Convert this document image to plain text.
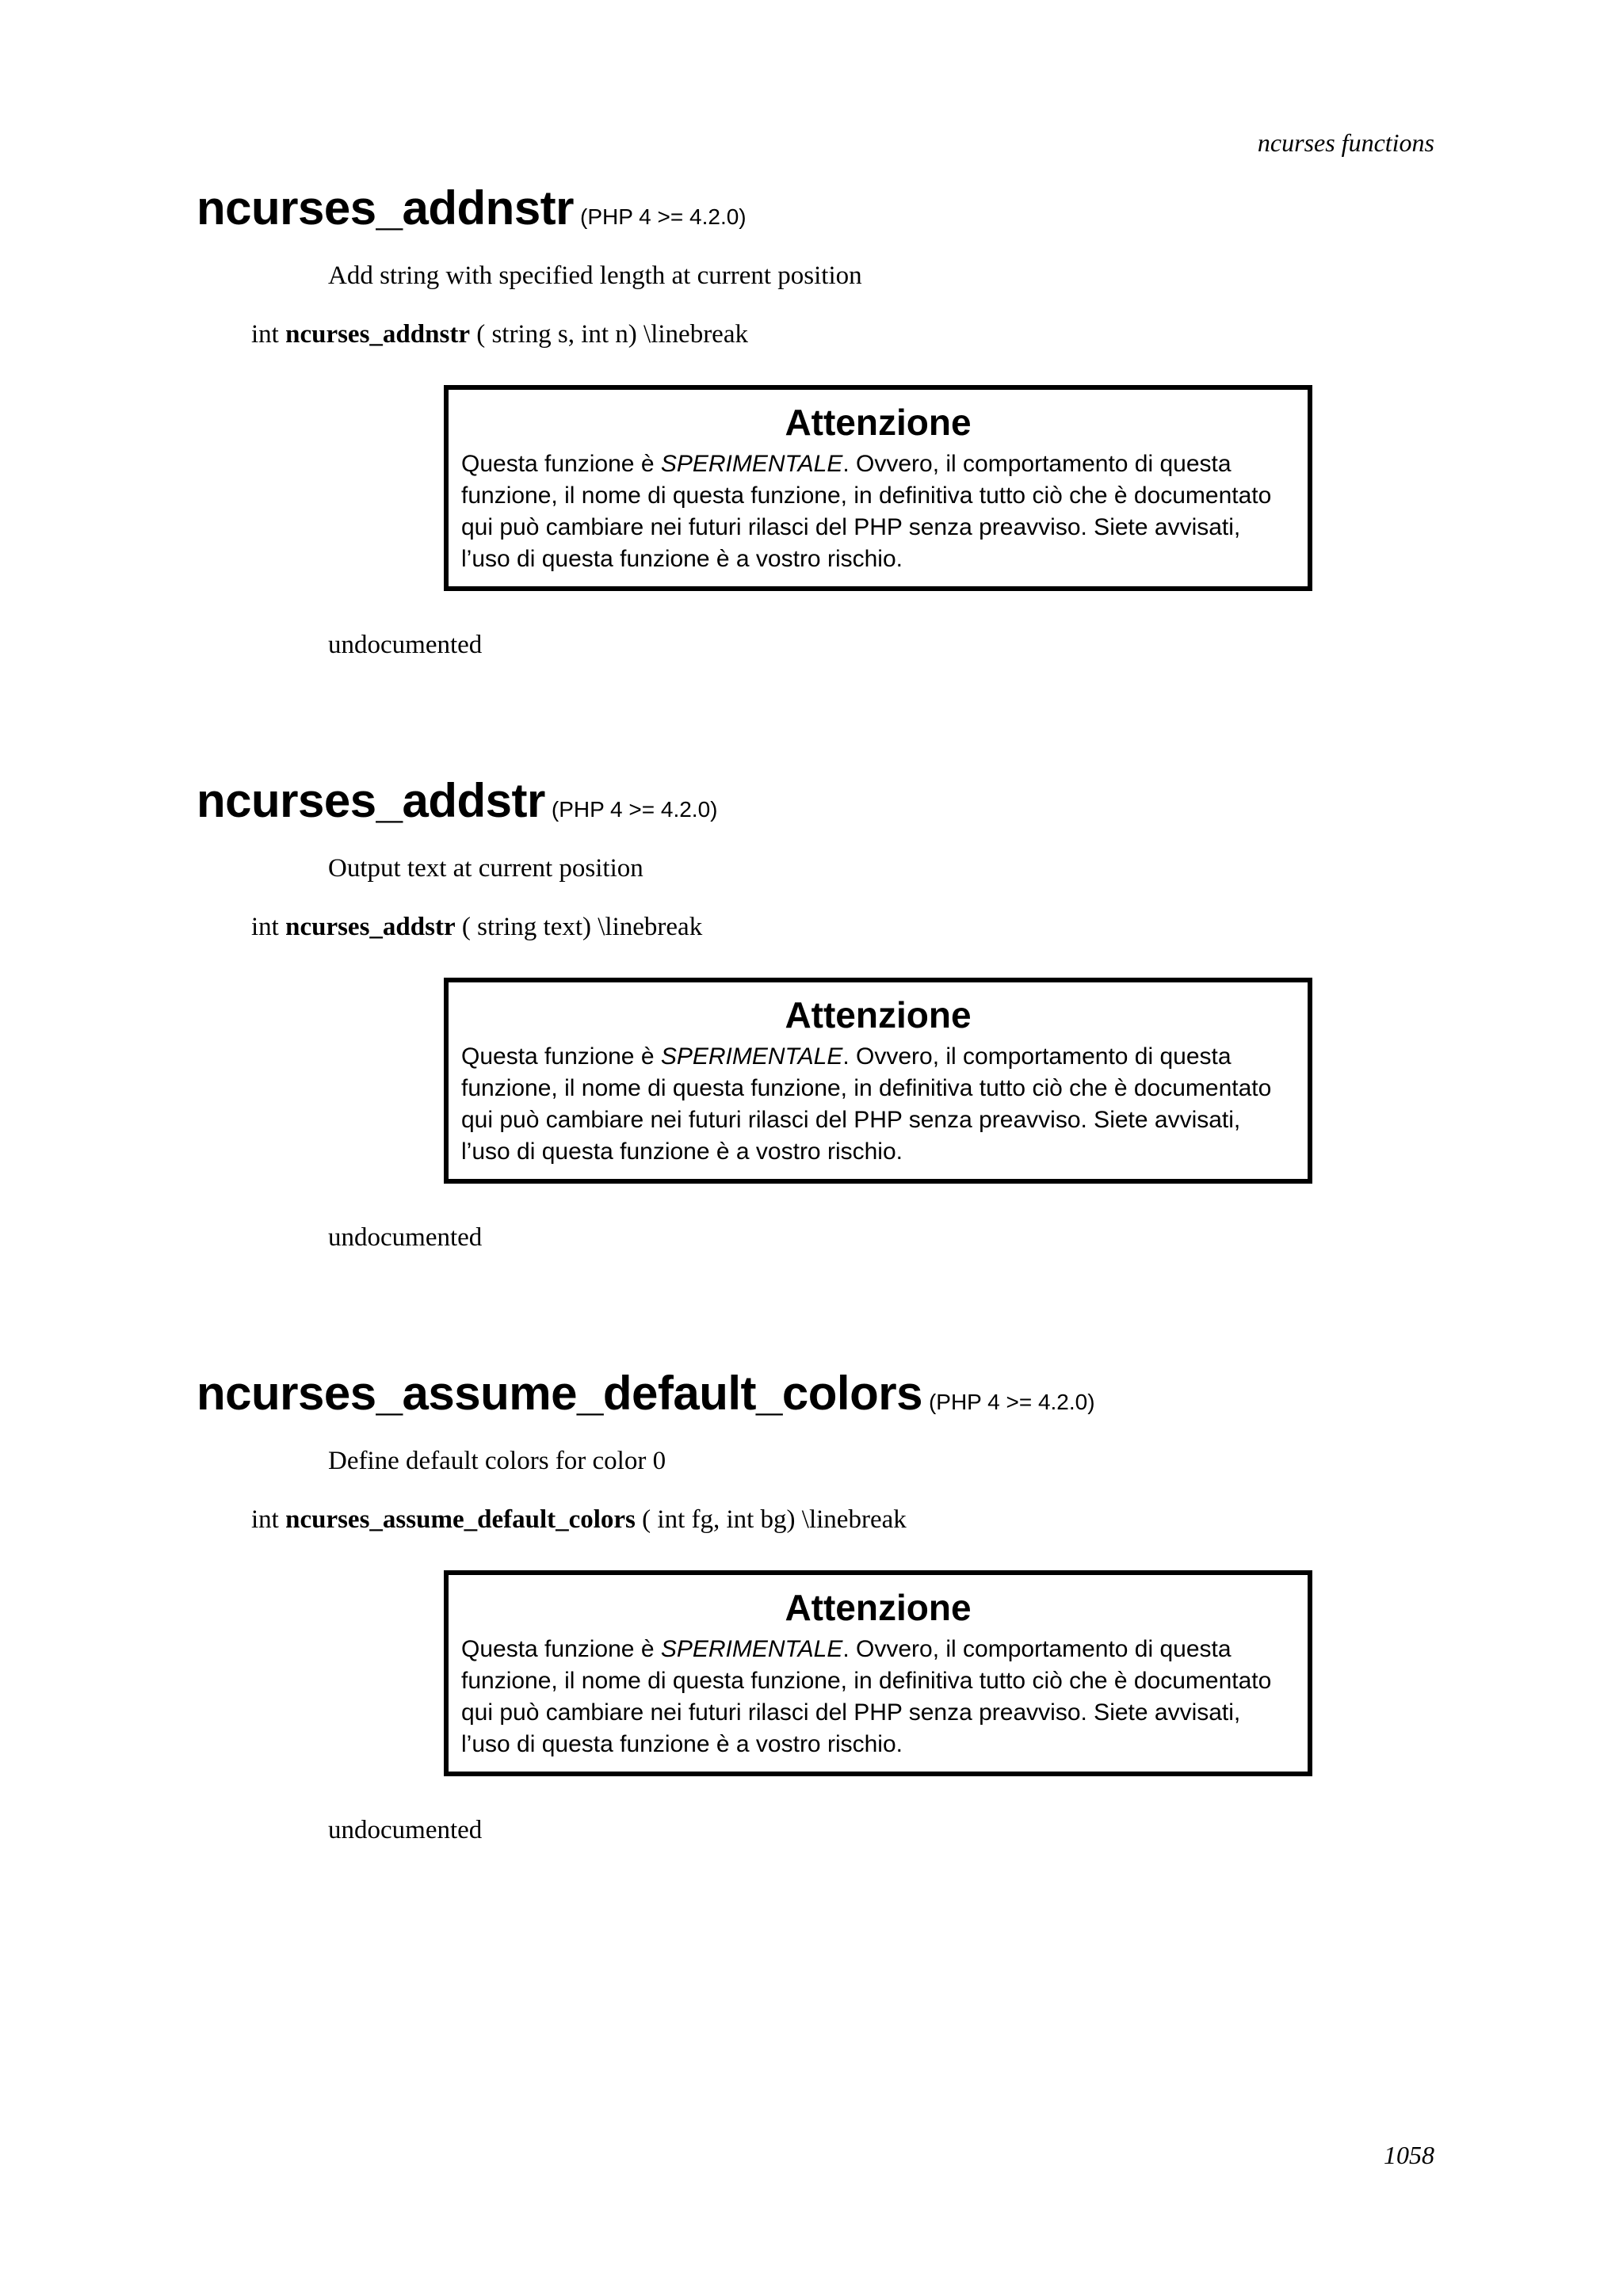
ncurses functions
ncurses_addnstr (PHP 4 >= 4.2.0)
Add string with specified length at current position
int ncurses_addnstr ( string s, int n) \linebreak
Attenzione
Questa funzione è SPERIMENTALE. Ovvero, il comportamento di questa
funzione, il nome di questa funzione, in definitiva tutto ciò che è documentato
qui può cambiare nei futuri rilasci del PHP senza preavviso. Siete avvisati,
l’uso di questa funzione è a vostro rischio.
undocumented
ncurses_addstr (PHP 4 >= 4.2.0)
Output text at current position
int ncurses_addstr ( string text) \linebreak
Attenzione
Questa funzione è SPERIMENTALE. Ovvero, il comportamento di questa
funzione, il nome di questa funzione, in definitiva tutto ciò che è documentato
qui può cambiare nei futuri rilasci del PHP senza preavviso. Siete avvisati,
l’uso di questa funzione è a vostro rischio.
undocumented
ncurses_assume_default_colors (PHP 4 >= 4.2.0)
Define default colors for color 0
int ncurses_assume_default_colors ( int fg, int bg) \linebreak
Attenzione
Questa funzione è SPERIMENTALE. Ovvero, il comportamento di questa
funzione, il nome di questa funzione, in definitiva tutto ciò che è documentato
qui può cambiare nei futuri rilasci del PHP senza preavviso. Siete avvisati,
l’uso di questa funzione è a vostro rischio.
undocumented
1058
